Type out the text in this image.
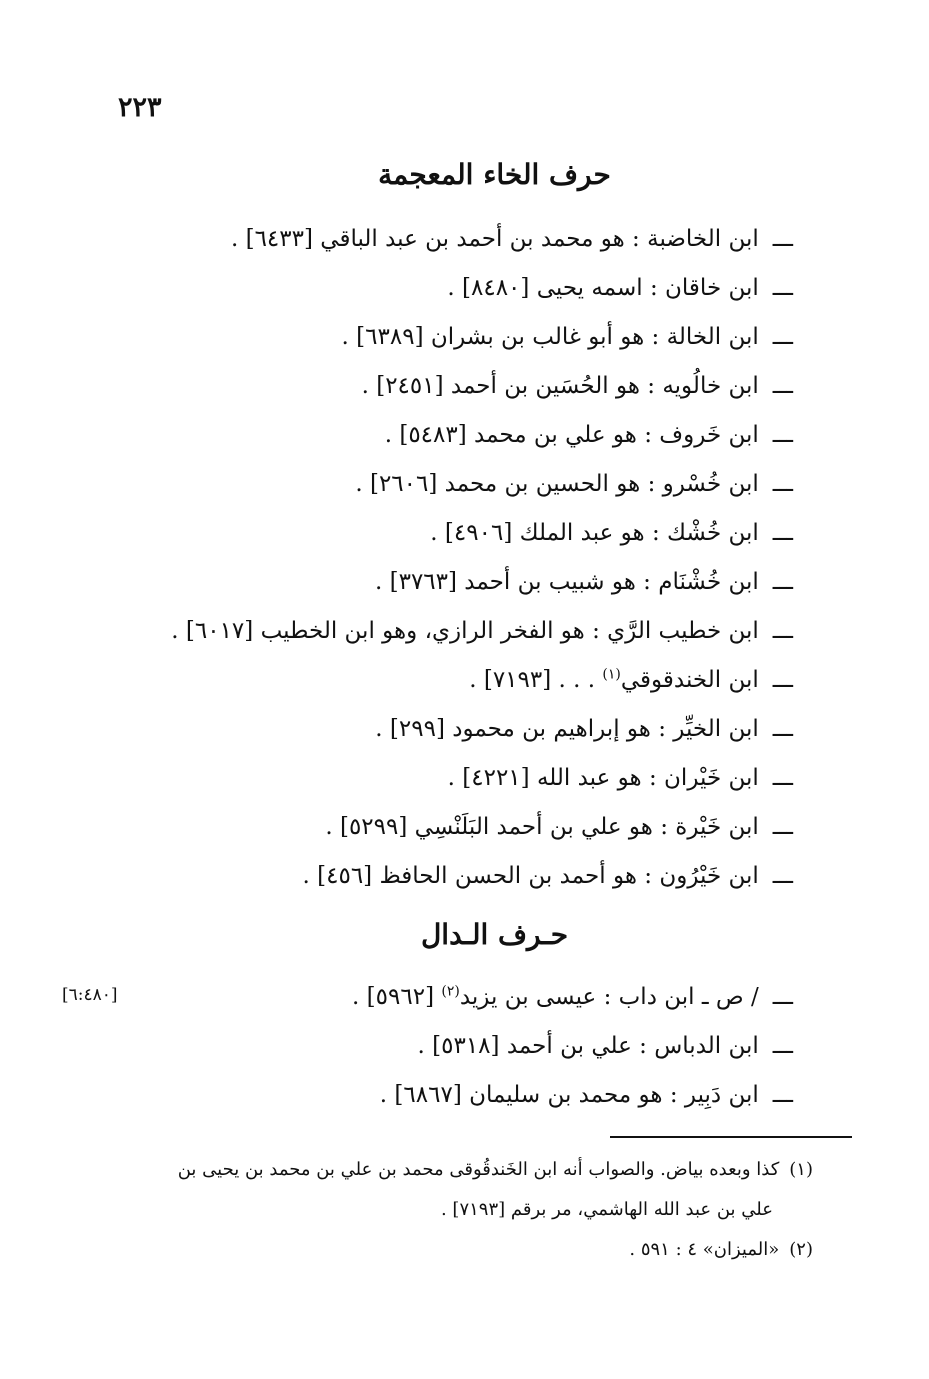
٢٢٣
حرف الخاء المعجمة
ـــابن الخاضبة : هو محمد بن أحمد بن عبد الباقي [٦٤٣٣] .
ـــابن خاقان : اسمه يحيى [٨٤٨٠] .
ـــابن الخالة : هو أبو غالب بن بشران [٦٣٨٩] .
ـــابن خالُويه : هو الحُسَين بن أحمد [٢٤٥١] .
ـــابن خَروف : هو علي بن محمد [٥٤٨٣] .
ـــابن خُسْرو : هو الحسين بن محمد [٢٦٠٦] .
ـــابن خُشْك : هو عبد الملك [٤٩٠٦] .
ـــابن خُشْنَام : هو شبيب بن أحمد [٣٧٦٣] .
ـــابن خطيب الرَّي : هو الفخر الرازي، وهو ابن الخطيب [٦٠١٧] .
ـــابن الخندقوقي$^{(١)}$ . . . [٧١٩٣] .
ـــابن الخيِّر : هو إبراهيم بن محمود [٢٩٩] .
ـــابن خَيْران : هو عبد الله [٤٢٢١] .
ـــابن خَيْرة : هو علي بن أحمد البَلَنْسِي [٥٢٩٩] .
ـــابن خَيْرُون : هو أحمد بن الحسن الحافظ [٤٥٦] .
حـرف الـدال
ـــ/ ص ـ ابن داب : عيسى بن يزيد$^{(٢)}$ [٥٩٦٢] .
ـــابن الدباس : علي بن أحمد [٥٣١٨] .
ـــابن دَبِير : هو محمد بن سليمان [٦٨٦٧] .
[٦:٤٨٠]
(١)كذا وبعده بياض. والصواب أنه ابن الخَندقُوقى محمد بن علي بن محمد بن يحيى بن
علي بن عبد الله الهاشمي، مر برقم [٧١٩٣] .
(٢)«الميزان» ٤ : ٥٩١ .
